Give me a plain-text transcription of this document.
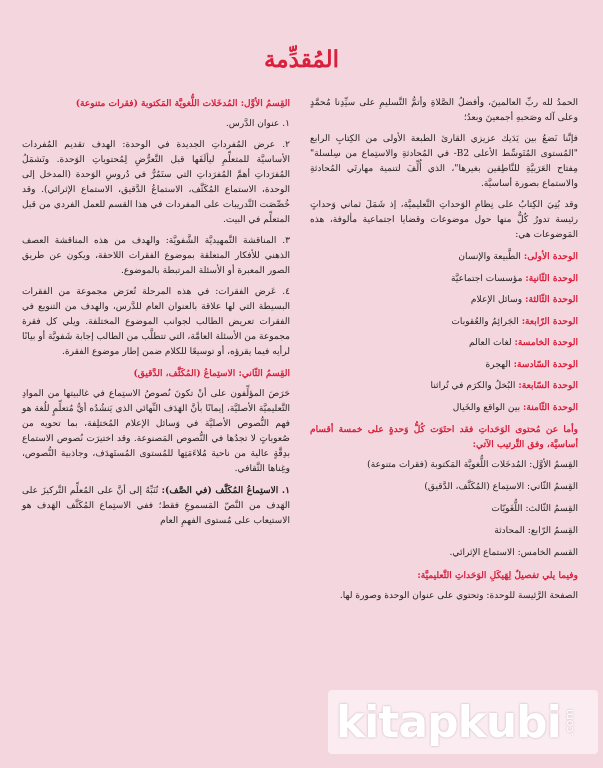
المُقدِّمة

الحمدُ لله ربِّ العالمينَ، وأفضلُ الصَّلاةِ وأتمُّ التَّسليمِ على سيِّدِنا مُحمَّدٍ وعلى آله وصَحبهِ أجمعينَ وبعدُ؛

فإنَّنا نَضعُ بين يَدَيك عزيزي القارئ الطبعة الأولى من الكِتابِ الرابع "المُستوى المُتَوسِّط الأعلى B2- في المُحادثةِ والاستِماع من سِلسلة" مِفتاح العَرَبيَّةِ للنَّاطِقين بغيرها"، الذي أُلِّفَ لتنمية مهارتَي المُحادثةِ والاستماع بصورة أساسيَّة.

وقد بُنِيَ الكِتابُ على نِظامِ الوَحداتِ التَّعليميَّة، إذ شَمَلَ ثماني وَحداتٍ رئيسة تدورُ كُلٌّ منها حول موضوعات وقضايا اجتماعية مألوفة، هذه المَوضوعات هي:

الوحدة الأولى: الطَّبيعة والإنسان
الوحدة الثّانية: مؤسسات اجتماعيَّة
الوحدة الثّالثة: وسائل الإعلام
الوحدة الرّابعة: الجَرائِمُ والعُقوبات
الوحدة الخامسة: لغات العالم
الوحدة السّادسة: الهجرة
الوحدة السّابعة: البُخلُ والكرَم في تُراثنا
الوحدة الثّامنة: بين الواقع والخَيال

وأما عن مُحتوى الوَحَداتِ فقد احتَوَت كُلُّ وَحدةٍ على خمسة أقسام أساسيَّة، وفق التَّرتيب الآتي:

القِسمُ الأوَّل: المُدخَلات اللُّغويَّة المَكتوبة (فقرات متنوعة)
القِسمُ الثّاني: الاستِماع (المُكَثَّف، الدَّقيق)
القِسمُ الثّالث: اللُّغَويّات
القِسمُ الرّابع: المحادثة
القسم الخامس: الاستماع الإثرائي.

وفيما يلي تفصيلٌ لِهَيكَلِ الوَحَداتِ التَّعليميَّة:

الصفحة الرَّئيسة للوحدة: وتحتوي على عنوان الوحدة وصورة لها.

القِسمُ الأوَّل: المُدخَلات اللُّغويَّة المَكتوبة (فقرات متنوعة)

١. عنوان الدَّرس.

٢. عرض المُفرداتِ الجديدة في الوحدة: الهدف تقديم المُفردات الأساسيَّة للمتعلِّمِ ليألَفَها قبل التَّعرُّضِ لِمُحتوياتِ الوَحدة. وتَشمَلُ المُفرَداتِ أهمَّ المُفرَداتِ التي ستَمُرُّ في دُروسِ الوَحدة (المدخل إلى الوحدة، الاستماع المُكَثَّف، الاستماعُ الدَّقيق، الاستماع الإثرائي). وقد خُصِّصَت التَّدريبات على المفردات في هذا القسم للعمل الفردي من قبل المتعلِّم في البيت.

٣. المناقشة التَّمهيديَّة الشَّفويَّة: والهدف من هذه المناقشة العصف الذهني للأفكار المتعلقة بموضوع الفقرات اللاحقة، ويكون عن طريق الصور المعبرة أو الأسئلة المرتبطة بالموضوع.

٤. عَرض الفقرات: في هذه المرحلة تُعرَض مجموعة من الفقرات البسيطة التي لها علاقة بالعنوان العام للدَّرس، والهدف من التنويع في الفقرات تعريض الطالب لجوانب الموضوع المختلفة. ويلي كل فقرة مجموعة من الأسئلة العامَّة، التي تتطلَّب من الطالب إجابة شَفويَّة أو بيانًا لرأيه فيما يقرؤه، أو توسيعًا للكلام ضمن إطار موضوع الفقرة.

القِسمُ الثّاني: الاستِماعُ (المُكَثَّف، الدَّقيق)

حَرَصَ المؤلِّفون على أنْ تكونَ نُصوصُ الاستِماع في غالبيتها من الموادِ التَّعليميَّة الأصليَّة، إيمانًا بأنَّ الهَدَف النِّهائي الذي يَنشُدُه أيُّ مُتعلِّمٍ للُغة هو فهم النُّصوص الأصليَّة في وَسائل الإعلام المُختلِفة، بما تحويه من صُعوباتٍ لا تجدُها في النُّصوص المَصنوعة. وقد اختيرَت نُصوص الاستماع بدِقَّةٍ عالية من ناحية مُلاءَمَتِها للمُستوى المُستَهدَف، وجاذبية النُّصوص، وغِناها الثَّقافي.

١. الاستِماعُ المُكَثَّف (في الصَّف): تُنَبِّهُ إلى أنَّ على المُعلِّم التَّركيزَ على الهَدف من النَّصّ المَسموعِ فقط؛ ففي الاستِماع المُكَثَّف الهَدف هو الاستيعاب على مُستوى الفهمِ العام

kitapkubi .com
